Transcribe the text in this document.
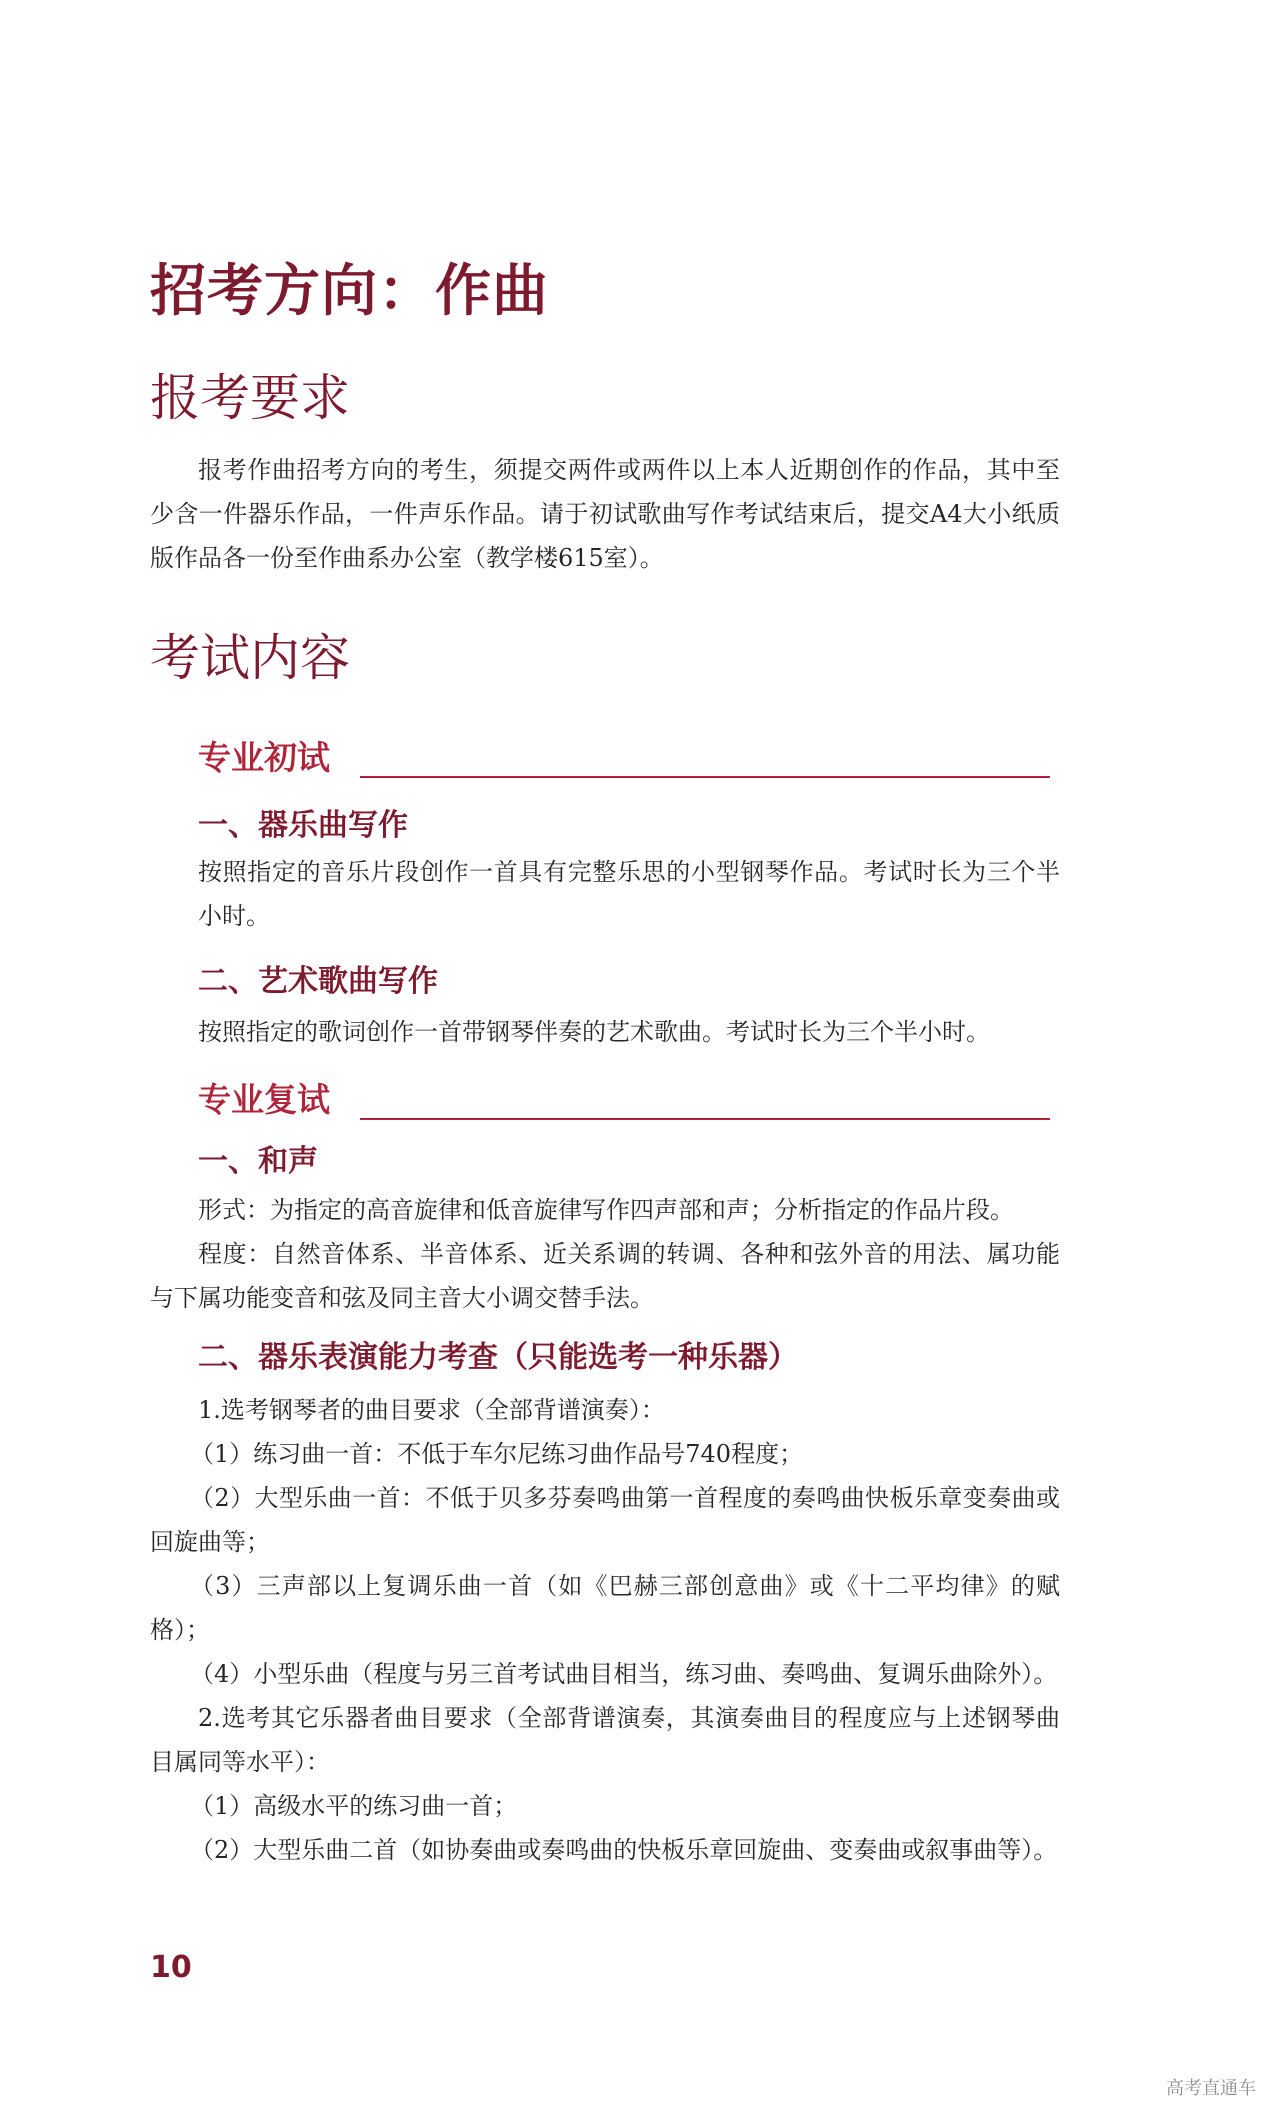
招考方向：作曲
报考要求
报考作曲招考方向的考生，须提交两件或两件以上本人近期创作的作品，其中至少含一件器乐作品，一件声乐作品。请于初试歌曲写作考试结束后，提交A4大小纸质版作品各一份至作曲系办公室（教学楼615室）。
考试内容
专业初试
一、器乐曲写作
按照指定的音乐片段创作一首具有完整乐思的小型钢琴作品。考试时长为三个半小时。
二、艺术歌曲写作
按照指定的歌词创作一首带钢琴伴奏的艺术歌曲。考试时长为三个半小时。
专业复试
一、和声
形式：为指定的高音旋律和低音旋律写作四声部和声；分析指定的作品片段。
程度：自然音体系、半音体系、近关系调的转调、各种和弦外音的用法、属功能与下属功能变音和弦及同主音大小调交替手法。
二、器乐表演能力考查（只能选考一种乐器）
1.选考钢琴者的曲目要求（全部背谱演奏）：
（1）练习曲一首：不低于车尔尼练习曲作品号740程度；
（2）大型乐曲一首：不低于贝多芬奏鸣曲第一首程度的奏鸣曲快板乐章变奏曲或回旋曲等；
（3）三声部以上复调乐曲一首（如《巴赫三部创意曲》或《十二平均律》的赋格）；
（4）小型乐曲（程度与另三首考试曲目相当，练习曲、奏鸣曲、复调乐曲除外）。
2.选考其它乐器者曲目要求（全部背谱演奏，其演奏曲目的程度应与上述钢琴曲目属同等水平）：
（1）高级水平的练习曲一首；
（2）大型乐曲二首（如协奏曲或奏鸣曲的快板乐章回旋曲、变奏曲或叙事曲等）。
10
高考直通车
